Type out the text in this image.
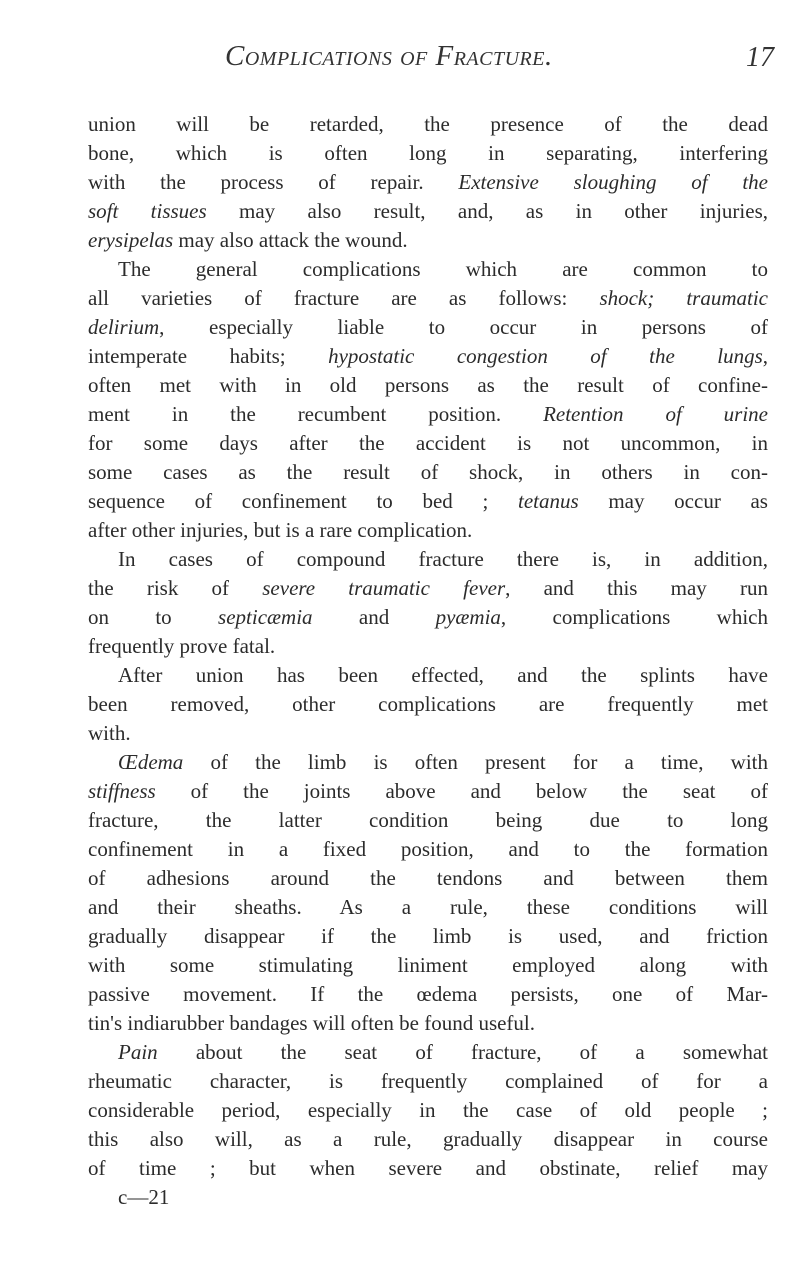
Complications of Fracture.	17
union will be retarded, the presence of the dead
bone, which is often long in separating, interfering
with the process of repair. Extensive sloughing of the
soft tissues may also result, and, as in other injuries,
erysipelas may also attack the wound.
The general complications which are common to
all varieties of fracture are as follows: shock; traumatic
delirium, especially liable to occur in persons of
intemperate habits; hypostatic congestion of the lungs,
often met with in old persons as the result of confine-
ment in the recumbent position. Retention of urine
for some days after the accident is not uncommon, in
some cases as the result of shock, in others in con-
sequence of confinement to bed ; tetanus may occur as
after other injuries, but is a rare complication.
In cases of compound fracture there is, in addition,
the risk of severe traumatic fever, and this may run
on to septicæmia and pyæmia, complications which
frequently prove fatal.
After union has been effected, and the splints have
been removed, other complications are frequently met
with.
Œdema of the limb is often present for a time, with
stiffness of the joints above and below the seat of
fracture, the latter condition being due to long
confinement in a fixed position, and to the formation
of adhesions around the tendons and between them
and their sheaths. As a rule, these conditions will
gradually disappear if the limb is used, and friction
with some stimulating liniment employed along with
passive movement. If the œdema persists, one of Mar-
tin's indiarubber bandages will often be found useful.
Pain about the seat of fracture, of a somewhat
rheumatic character, is frequently complained of for a
considerable period, especially in the case of old people ;
this also will, as a rule, gradually disappear in course
of time ; but when severe and obstinate, relief may
c—21
